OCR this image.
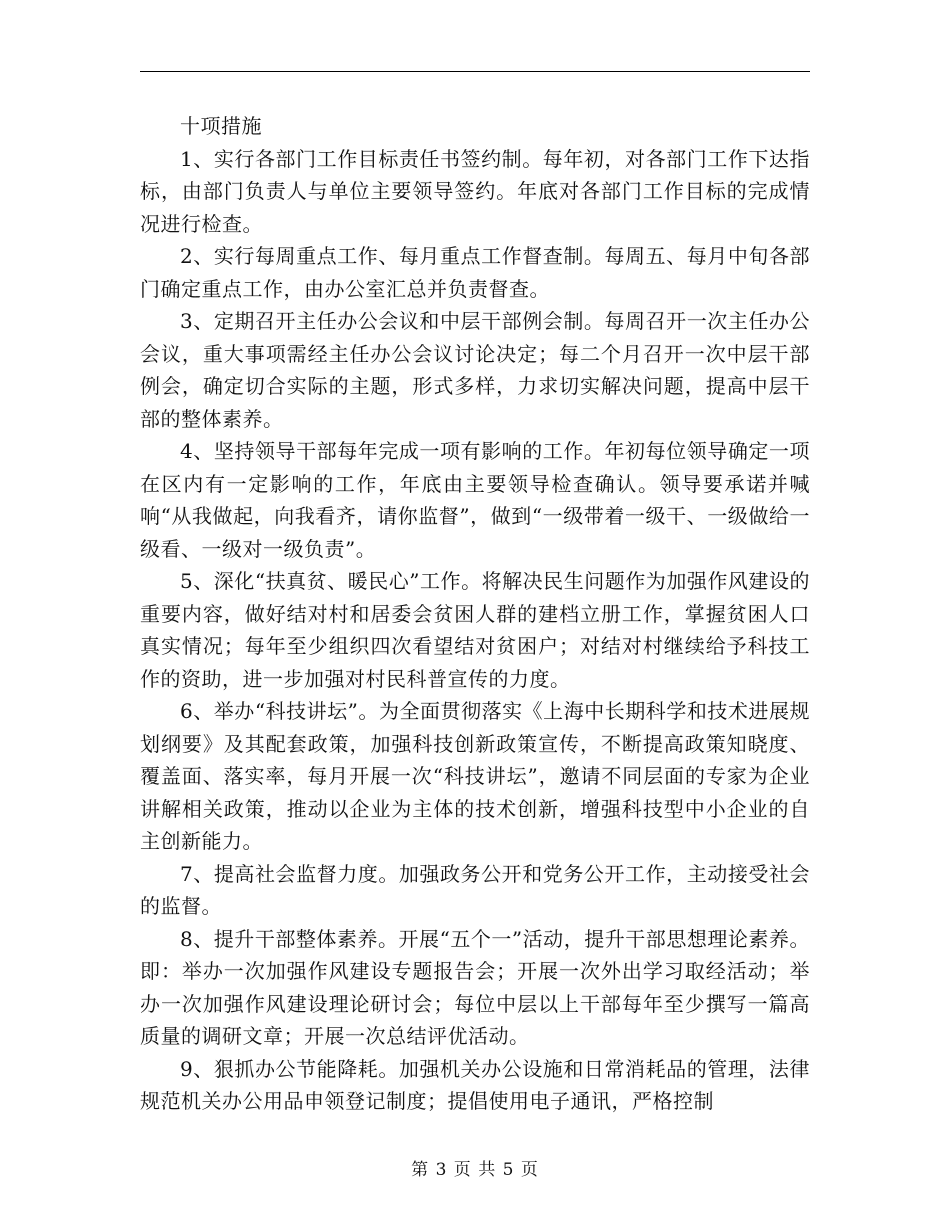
十项措施

1、实行各部门工作目标责任书签约制。每年初，对各部门工作下达指标，由部门负责人与单位主要领导签约。年底对各部门工作目标的完成情况进行检查。

2、实行每周重点工作、每月重点工作督查制。每周五、每月中旬各部门确定重点工作，由办公室汇总并负责督查。

3、定期召开主任办公会议和中层干部例会制。每周召开一次主任办公会议，重大事项需经主任办公会议讨论决定；每二个月召开一次中层干部例会，确定切合实际的主题，形式多样，力求切实解决问题，提高中层干部的整体素养。

4、坚持领导干部每年完成一项有影响的工作。年初每位领导确定一项在区内有一定影响的工作，年底由主要领导检查确认。领导要承诺并喊响“从我做起，向我看齐，请你监督”，做到“一级带着一级干、一级做给一级看、一级对一级负责”。

5、深化“扶真贫、暖民心”工作。将解决民生问题作为加强作风建设的重要内容，做好结对村和居委会贫困人群的建档立册工作，掌握贫困人口真实情况；每年至少组织四次看望结对贫困户；对结对村继续给予科技工作的资助，进一步加强对村民科普宣传的力度。

6、举办“科技讲坛”。为全面贯彻落实《上海中长期科学和技术进展规划纲要》及其配套政策，加强科技创新政策宣传，不断提高政策知晓度、覆盖面、落实率，每月开展一次“科技讲坛”，邀请不同层面的专家为企业讲解相关政策，推动以企业为主体的技术创新，增强科技型中小企业的自主创新能力。

7、提高社会监督力度。加强政务公开和党务公开工作，主动接受社会的监督。

8、提升干部整体素养。开展“五个一”活动，提升干部思想理论素养。即：举办一次加强作风建设专题报告会；开展一次外出学习取经活动；举办一次加强作风建设理论研讨会；每位中层以上干部每年至少撰写一篇高质量的调研文章；开展一次总结评优活动。

9、狠抓办公节能降耗。加强机关办公设施和日常消耗品的管理，法律规范机关办公用品申领登记制度；提倡使用电子通讯，严格控制

第 3 页 共 5 页
